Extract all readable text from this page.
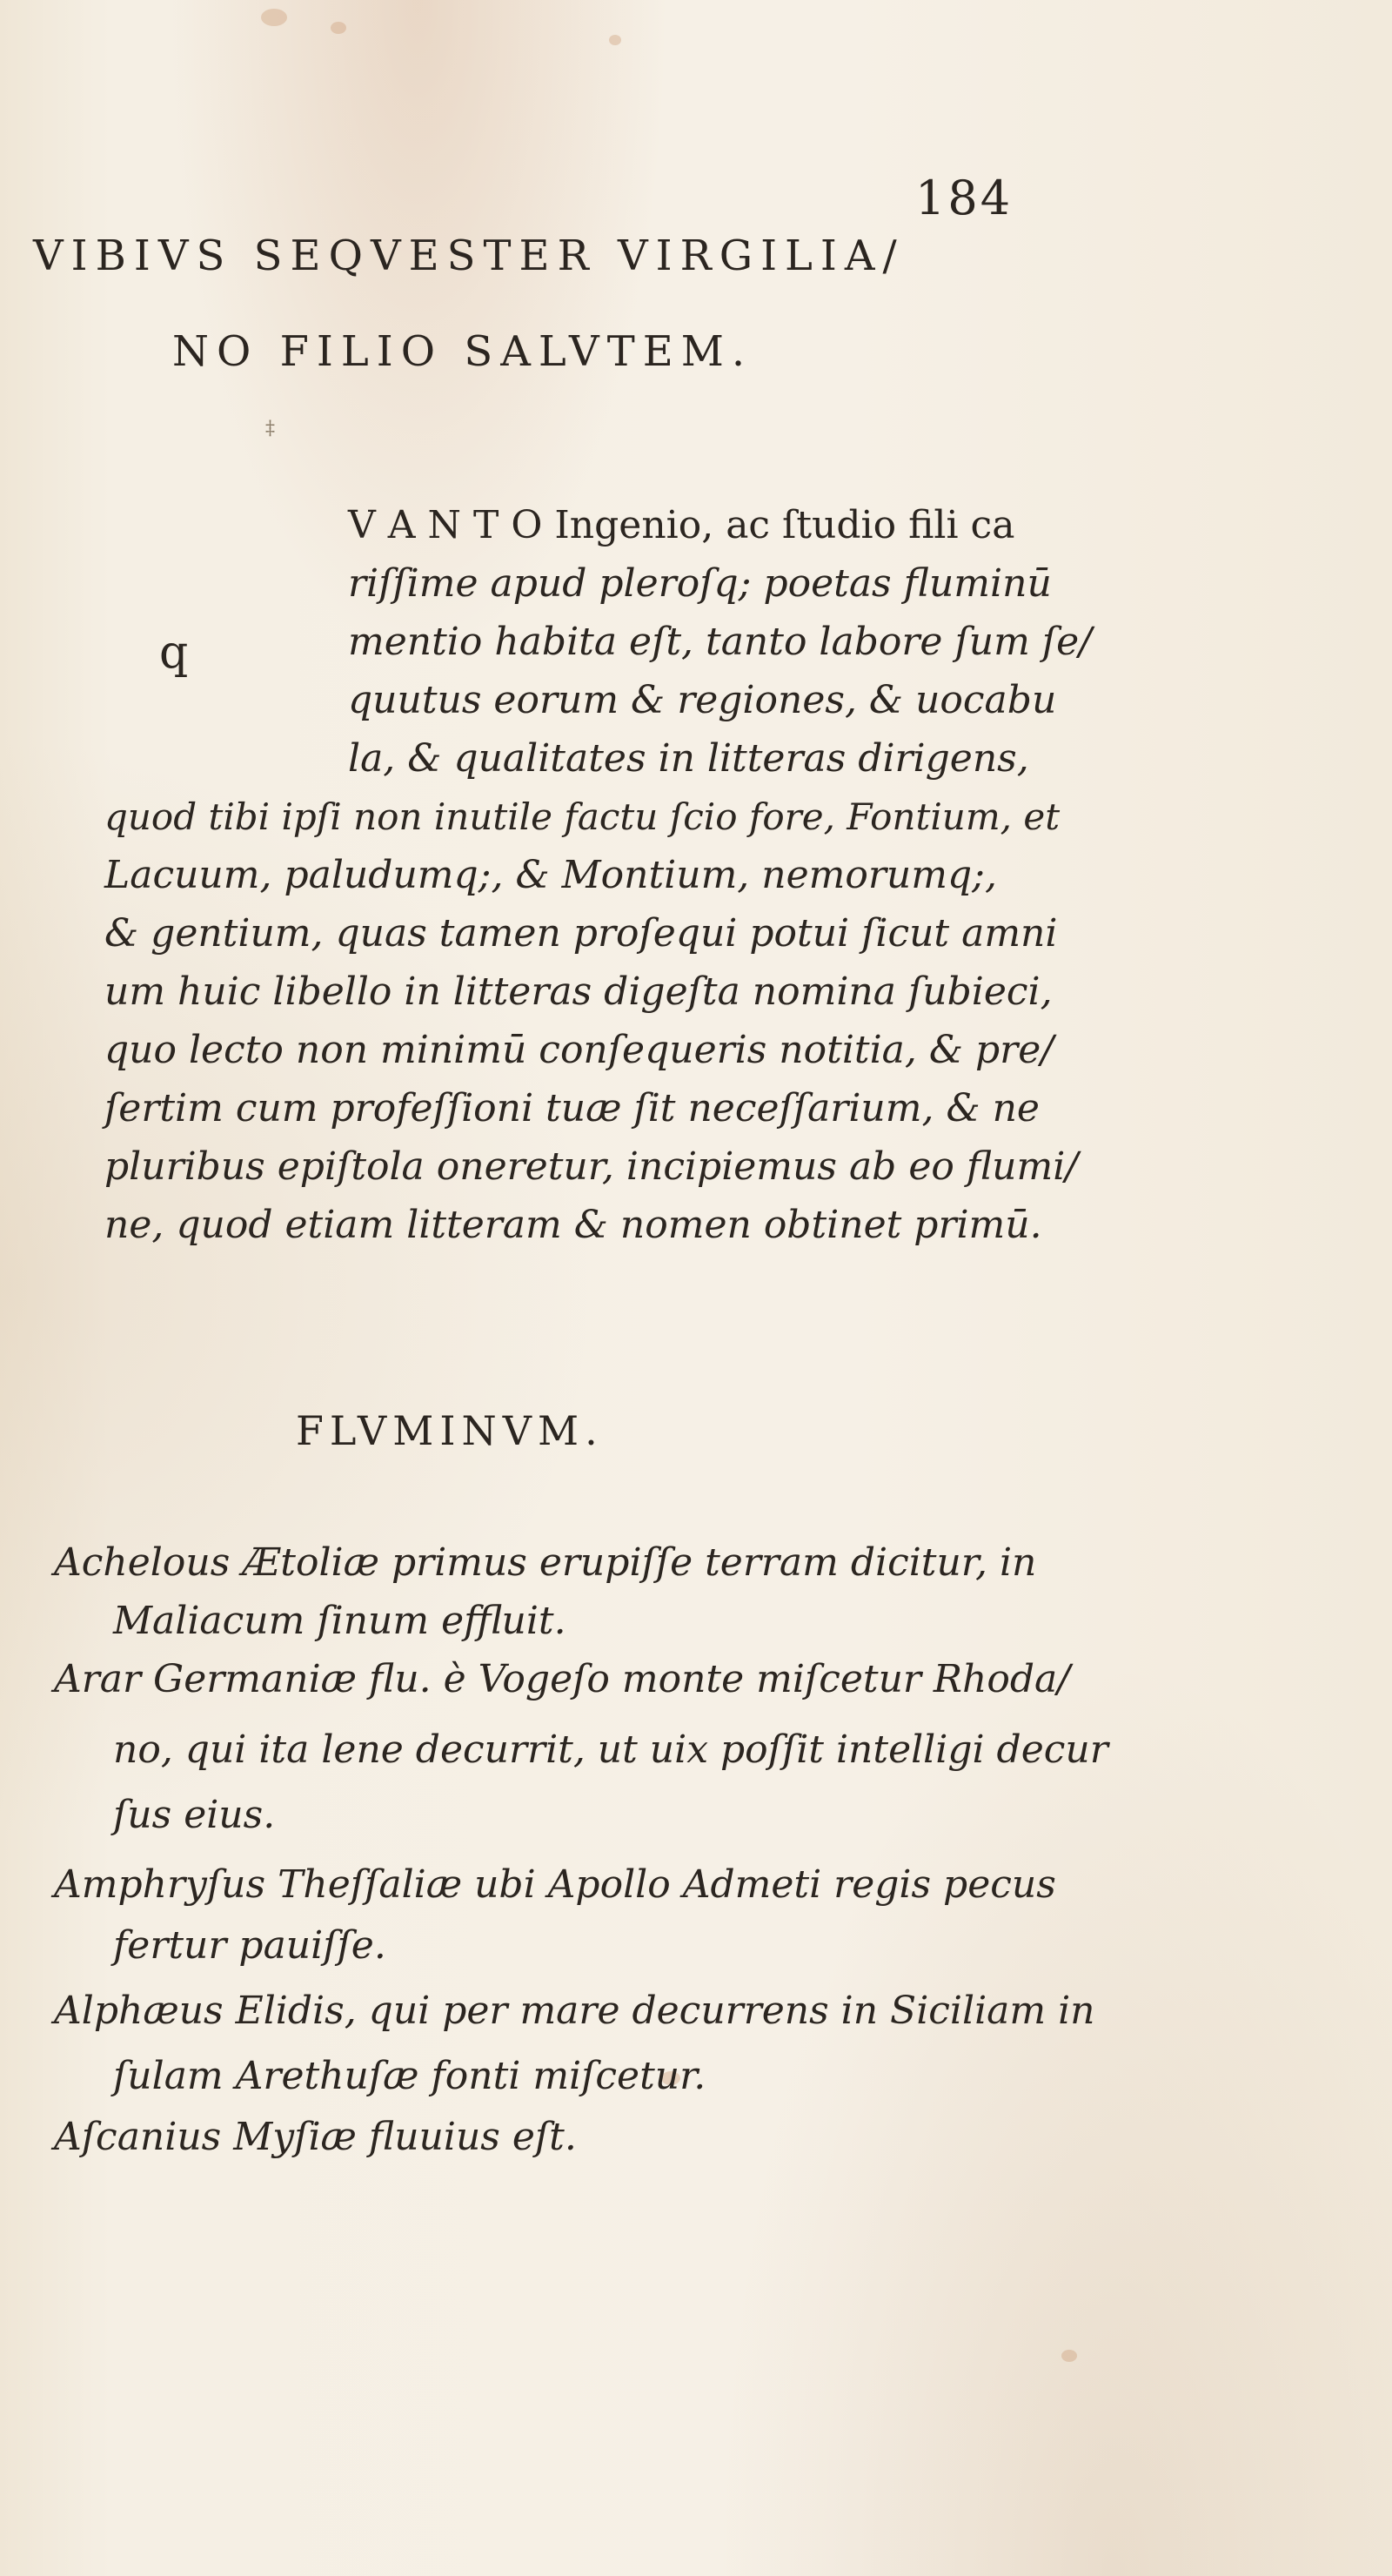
184
VIBIVS SEQVESTER VIRGILIA/
NO FILIO SALVTEM.
‡
q
V A N T O Ingenio, ac ſtudio fili ca
riſſime apud pleroſq; poetas fluminū
mentio habita eſt, tanto labore ſum ſe/
quutus eorum & regiones, & uocabu
la, & qualitates in litteras dirigens,
quod tibi ipſi non inutile factu ſcio fore, Fontium, et
Lacuum, paludumq;, & Montium, nemorumq;,
& gentium, quas tamen proſequi potui ſicut amni
um huic libello in litteras digeſta nomina ſubieci,
quo lecto non minimū conſequeris notitia, & pre/
ſertim cum profeſſioni tuæ ſit neceſſarium, & ne
pluribus epiſtola oneretur, incipiemus ab eo flumi/
ne, quod etiam litteram & nomen obtinet primū.
FLVMINVM.
Achelous Ætoliæ primus erupiſſe terram dicitur, in
Maliacum ſinum effluit.
Arar Germaniæ flu. è Vogeſo monte miſcetur Rhoda/
no, qui ita lene decurrit, ut uix poſſit intelligi decur
ſus eius.
Amphryſus Theſſaliæ ubi Apollo Admeti regis pecus
fertur pauiſſe.
Alphæus Elidis, qui per mare decurrens in Siciliam in
ſulam Arethuſæ fonti miſcetur.
Aſcanius Myſiæ fluuius eſt.
